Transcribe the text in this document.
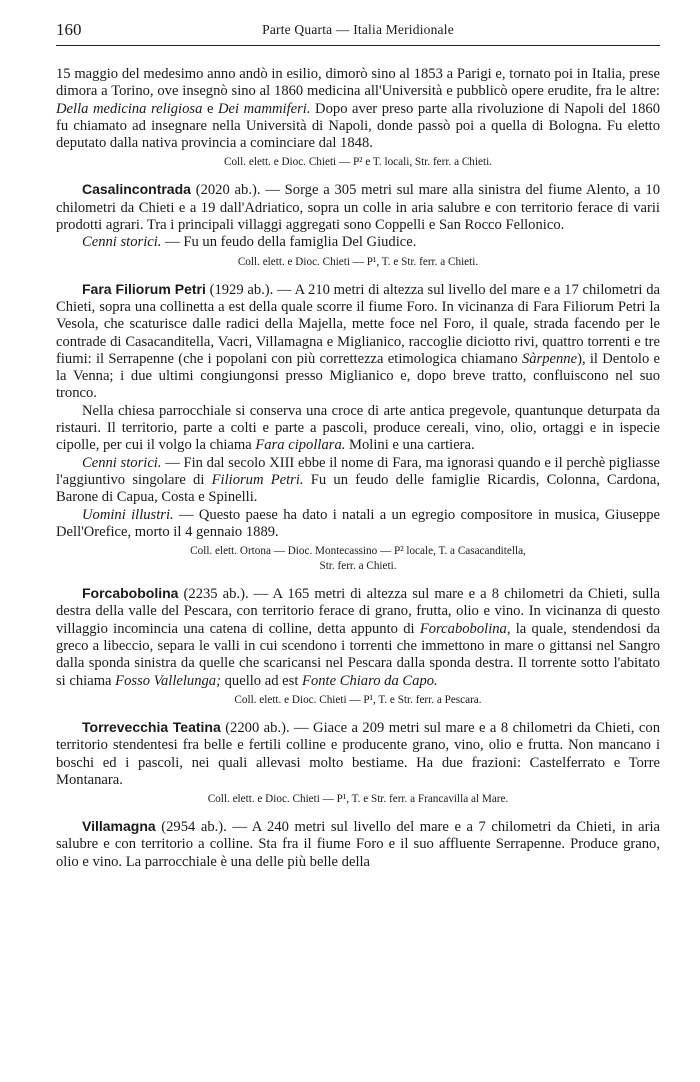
160	Parte Quarta — Italia Meridionale

15 maggio del medesimo anno andò in esilio, dimorò sino al 1853 a Parigi e, tornato poi in Italia, prese dimora a Torino, ove insegnò sino al 1860 medicina all'Università e pubblicò opere erudite, fra le altre: Della medicina religiosa e Dei mammiferi. Dopo aver preso parte alla rivoluzione di Napoli del 1860 fu chiamato ad insegnare nella Università di Napoli, donde passò poi a quella di Bologna. Fu eletto deputato dalla nativa provincia a cominciare dal 1848.

Coll. elett. e Dioc. Chieti — P² e T. locali, Str. ferr. a Chieti.

Casalincontrada (2020 ab.). — Sorge a 305 metri sul mare alla sinistra del fiume Alento, a 10 chilometri da Chieti e a 19 dall'Adriatico, sopra un colle in aria salubre e con territorio ferace di varii prodotti agrari. Tra i principali villaggi aggregati sono Coppelli e San Rocco Fellonico.

Cenni storici. — Fu un feudo della famiglia Del Giudice.

Coll. elett. e Dioc. Chieti — P¹, T. e Str. ferr. a Chieti.

Fara Filiorum Petri (1929 ab.). — A 210 metri di altezza sul livello del mare e a 17 chilometri da Chieti, sopra una collinetta a est della quale scorre il fiume Foro. In vicinanza di Fara Filiorum Petri la Vesola, che scaturisce dalle radici della Majella, mette foce nel Foro, il quale, strada facendo per le contrade di Casacanditella, Vacri, Villamagna e Miglianico, raccoglie diciotto rivi, quattro torrenti e tre fiumi: il Serrapenne (che i popolani con più correttezza etimologica chiamano Sàrpenne), il Dentolo e la Venna; i due ultimi congiungonsi presso Miglianico e, dopo breve tratto, confluiscono nel suo tronco.

Nella chiesa parrocchiale si conserva una croce di arte antica pregevole, quantunque deturpata da ristauri. Il territorio, parte a colti e parte a pascoli, produce cereali, vino, olio, ortaggi e in ispecie cipolle, per cui il volgo la chiama Fara cipollara. Molini e una cartiera.

Cenni storici. — Fin dal secolo XIII ebbe il nome di Fara, ma ignorasi quando e il perchè pigliasse l'aggiuntivo singolare di Filiorum Petri. Fu un feudo delle famiglie Ricardis, Colonna, Cardona, Barone di Capua, Costa e Spinelli.

Uomini illustri. — Questo paese ha dato i natali a un egregio compositore in musica, Giuseppe Dell'Orefice, morto il 4 gennaio 1889.

Coll. elett. Ortona — Dioc. Montecassino — P² locale, T. a Casacanditella,
Str. ferr. a Chieti.

Forcabobolina (2235 ab.). — A 165 metri di altezza sul mare e a 8 chilometri da Chieti, sulla destra della valle del Pescara, con territorio ferace di grano, frutta, olio e vino. In vicinanza di questo villaggio incomincia una catena di colline, detta appunto di Forcabobolina, la quale, stendendosi da greco a libeccio, separa le valli in cui scendono i torrenti che immettono in mare o gittansi nel Sangro dalla sponda sinistra da quelle che scaricansi nel Pescara dalla sponda destra. Il torrente sotto l'abitato si chiama Fosso Vallelunga; quello ad est Fonte Chiaro da Capo.

Coll. elett. e Dioc. Chieti — P¹, T. e Str. ferr. a Pescara.

Torrevecchia Teatina (2200 ab.). — Giace a 209 metri sul mare e a 8 chilometri da Chieti, con territorio stendentesi fra belle e fertili colline e producente grano, vino, olio e frutta. Non mancano i boschi ed i pascoli, nei quali allevasi molto bestiame. Ha due frazioni: Castelferrato e Torre Montanara.

Coll. elett. e Dioc. Chieti — P¹, T. e Str. ferr. a Francavilla al Mare.

Villamagna (2954 ab.). — A 240 metri sul livello del mare e a 7 chilometri da Chieti, in aria salubre e con territorio a colline. Sta fra il fiume Foro e il suo affluente Serrapenne. Produce grano, olio e vino. La parrocchiale è una delle più belle della
